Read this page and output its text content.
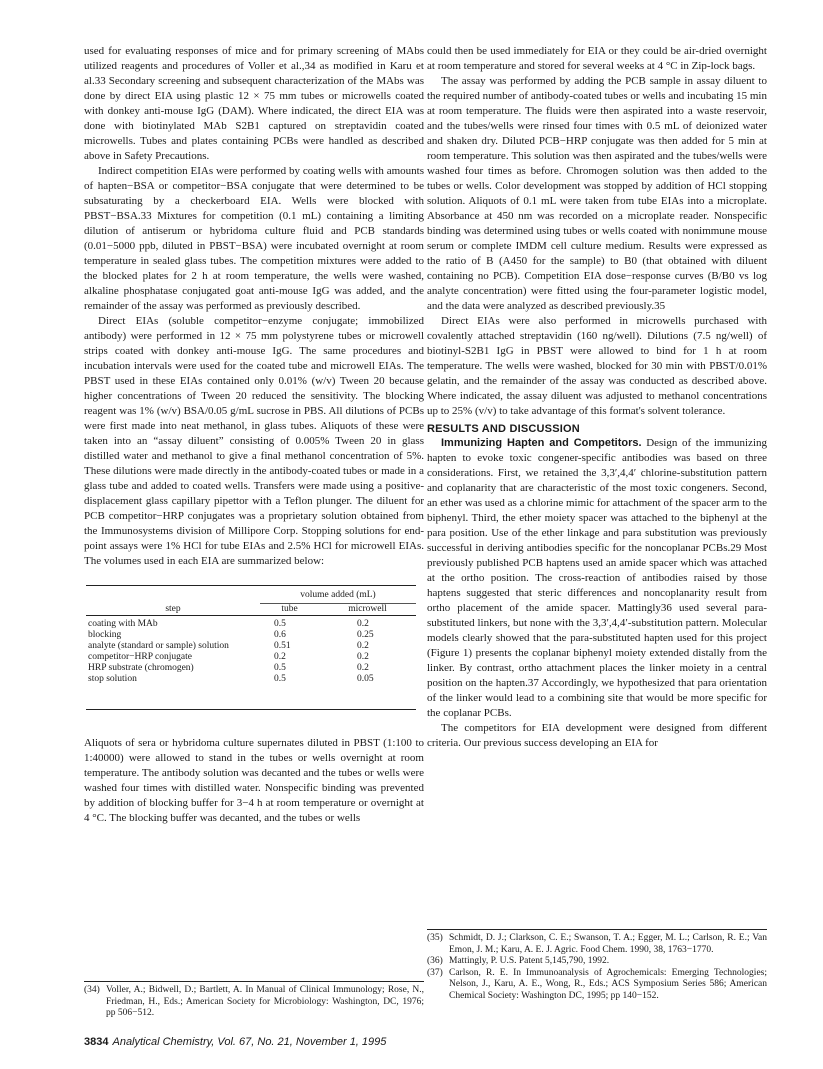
used for evaluating responses of mice and for primary screening of MAbs utilized reagents and procedures of Voller et al.,34 as modified in Karu et al.33 Secondary screening and subsequent characterization of the MAbs was done by direct EIA using plastic 12 × 75 mm tubes or microwells coated with donkey anti-mouse IgG (DAM). Where indicated, the direct EIA was done with biotinylated MAb S2B1 captured on streptavidin coated microwells. Tubes and plates containing PCBs were handled as described above in Safety Precautions.

Indirect competition EIAs were performed by coating wells with amounts of hapten−BSA or competitor−BSA conjugate that were determined to be subsaturating by a checkerboard EIA. Wells were blocked with PBST−BSA.33 Mixtures for competition (0.1 mL) containing a limiting dilution of antiserum or hybridoma culture fluid and PCB standards (0.01−5000 ppb, diluted in PBST−BSA) were incubated overnight at room temperature in sealed glass tubes. The competition mixtures were added to the blocked plates for 2 h at room temperature, the wells were washed, alkaline phosphatase conjugated goat anti-mouse IgG was added, and the remainder of the assay was performed as previously described.

Direct EIAs (soluble competitor−enzyme conjugate; immobilized antibody) were performed in 12 × 75 mm polystyrene tubes or microwell strips coated with donkey anti-mouse IgG. The same procedures and incubation intervals were used for the coated tube and microwell EIAs. The PBST used in these EIAs contained only 0.01% (w/v) Tween 20 because higher concentrations of Tween 20 reduced the sensitivity. The blocking reagent was 1% (w/v) BSA/0.05 g/mL sucrose in PBS. All dilutions of PCBs were first made into neat methanol, in glass tubes. Aliquots of these were taken into an “assay diluent” consisting of 0.005% Tween 20 in glass distilled water and methanol to give a final methanol concentration of 5%. These dilutions were made directly in the antibody-coated tubes or made in a glass tube and added to coated wells. Transfers were made using a positive-displacement glass capillary pipettor with a Teflon plunger. The diluent for PCB competitor−HRP conjugates was a proprietary solution obtained from the Immunosystems division of Millipore Corp. Stopping solutions for end-point assays were 1% HCl for tube EIAs and 2.5% HCl for microwell EIAs. The volumes used in each EIA are summarized below:

	volume added (mL)	
step	tube	microwell
coating with MAb	0.5	0.2
blocking	0.6	0.25
analyte (standard or sample) solution	0.51	0.2
competitor−HRP conjugate	0.2	0.2
HRP substrate (chromogen)	0.5	0.2
stop solution	0.5	0.05

Aliquots of sera or hybridoma culture supernates diluted in PBST (1:100 to 1:40000) were allowed to stand in the tubes or wells overnight at room temperature. The antibody solution was decanted and the tubes or wells were washed four times with distilled water. Nonspecific binding was prevented by addition of blocking buffer for 3−4 h at room temperature or overnight at 4 °C. The blocking buffer was decanted, and the tubes or wells

(34) Voller, A.; Bidwell, D.; Bartlett, A. In Manual of Clinical Immunology; Rose, N., Friedman, H., Eds.; American Society for Microbiology: Washington, DC, 1976; pp 506−512.

could then be used immediately for EIA or they could be air-dried overnight at room temperature and stored for several weeks at 4 °C in Zip-lock bags.

The assay was performed by adding the PCB sample in assay diluent to the required number of antibody-coated tubes or wells and incubating 15 min at room temperature. The fluids were then aspirated into a waste reservoir, and the tubes/wells were rinsed four times with 0.5 mL of deionized water and shaken dry. Diluted PCB−HRP conjugate was then added for 5 min at room temperature. This solution was then aspirated and the tubes/wells were washed four times as before. Chromogen solution was then added to the tubes or wells. Color development was stopped by addition of HCl stopping solution. Aliquots of 0.1 mL were taken from tube EIAs into a microplate. Absorbance at 450 nm was recorded on a microplate reader. Nonspecific binding was determined using tubes or wells coated with nonimmune mouse serum or complete IMDM cell culture medium. Results were expressed as the ratio of B (A450 for the sample) to B0 (that obtained with diluent containing no PCB). Competition EIA dose−response curves (B/B0 vs log analyte concentration) were fitted using the four-parameter logistic model, and the data were analyzed as described previously.35

Direct EIAs were also performed in microwells purchased with covalently attached streptavidin (160 ng/well). Dilutions (7.5 ng/well) of biotinyl-S2B1 IgG in PBST were allowed to bind for 1 h at room temperature. The wells were washed, blocked for 30 min with PBST/0.01% gelatin, and the remainder of the assay was conducted as described above. Where indicated, the assay diluent was adjusted to methanol concentrations up to 25% (v/v) to take advantage of this format's solvent tolerance.

RESULTS AND DISCUSSION

Immunizing Hapten and Competitors. Design of the immunizing hapten to evoke toxic congener-specific antibodies was based on three considerations. First, we retained the 3,3′,4,4′ chlorine-substitution pattern and coplanarity that are characteristic of the most toxic congeners. Second, an ether was used as a chlorine mimic for attachment of the spacer arm to the biphenyl. Third, the ether moiety spacer was attached to the biphenyl at the para position. Use of the ether linkage and para substitution was previously successful in deriving antibodies specific for the noncoplanar PCBs.29 Most previously published PCB haptens used an amide spacer which was attached at the ortho position. The cross-reaction of antibodies raised by those haptens suggested that steric differences and noncoplanarity result from ortho placement of the amide spacer. Mattingly36 used several para-substituted linkers, but none with the 3,3′,4,4′-substitution pattern. Molecular models clearly showed that the para-substituted hapten used for this project (Figure 1) presents the coplanar biphenyl moiety extended distally from the linker. By contrast, ortho attachment places the linker moiety in a central position on the hapten.37 Accordingly, we hypothesized that para orientation of the linker would lead to a combining site that would be more specific for the coplanar PCBs.

The competitors for EIA development were designed from different criteria. Our previous success developing an EIA for

(35) Schmidt, D. J.; Clarkson, C. E.; Swanson, T. A.; Egger, M. L.; Carlson, R. E.; Van Emon, J. M.; Karu, A. E. J. Agric. Food Chem. 1990, 38, 1763−1770.
(36) Mattingly, P. U.S. Patent 5,145,790, 1992.
(37) Carlson, R. E. In Immunoanalysis of Agrochemicals: Emerging Technologies; Nelson, J., Karu, A. E., Wong, R., Eds.; ACS Symposium Series 586; American Chemical Society: Washington DC, 1995; pp 140−152.
3834 Analytical Chemistry, Vol. 67, No. 21, November 1, 1995
